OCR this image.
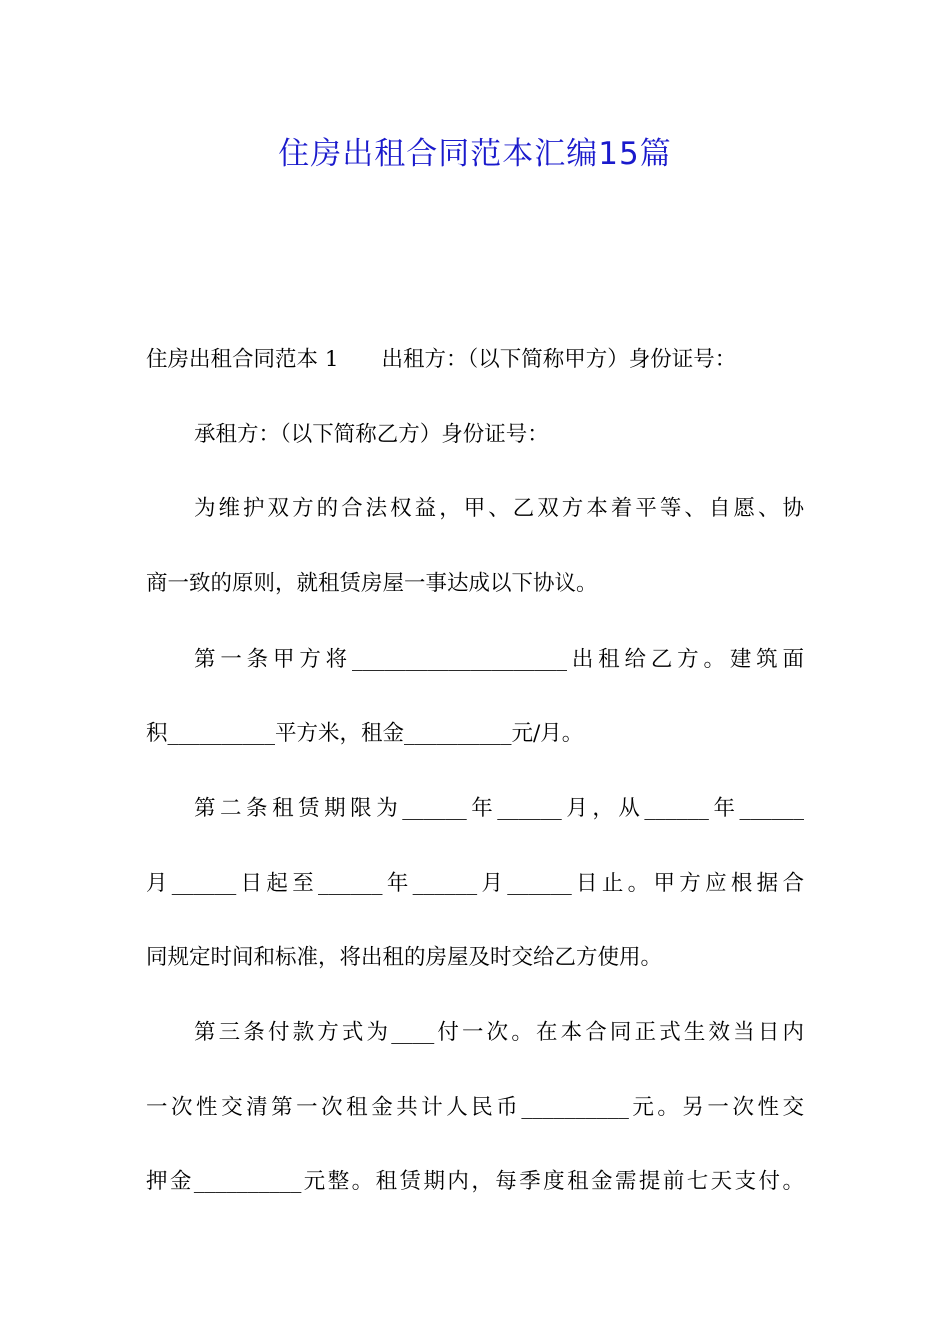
住房出租合同范本汇编15篇
住房出租合同范本 1　　出租方：（以下简称甲方）身份证号：
承租方：（以下简称乙方）身份证号：
为维护双方的合法权益，甲、乙双方本着平等、自愿、协
商一致的原则，就租赁房屋一事达成以下协议。
第一条甲方将____________________出租给乙方。建筑面
积__________平方米，租金__________元/月。
第二条租赁期限为______年______月，从______年______
月______日起至______年______月______日止。甲方应根据合
同规定时间和标准，将出租的房屋及时交给乙方使用。
第三条付款方式为____付一次。在本合同正式生效当日内
一次性交清第一次租金共计人民币__________元。另一次性交
押金__________元整。租赁期内，每季度租金需提前七天支付。
